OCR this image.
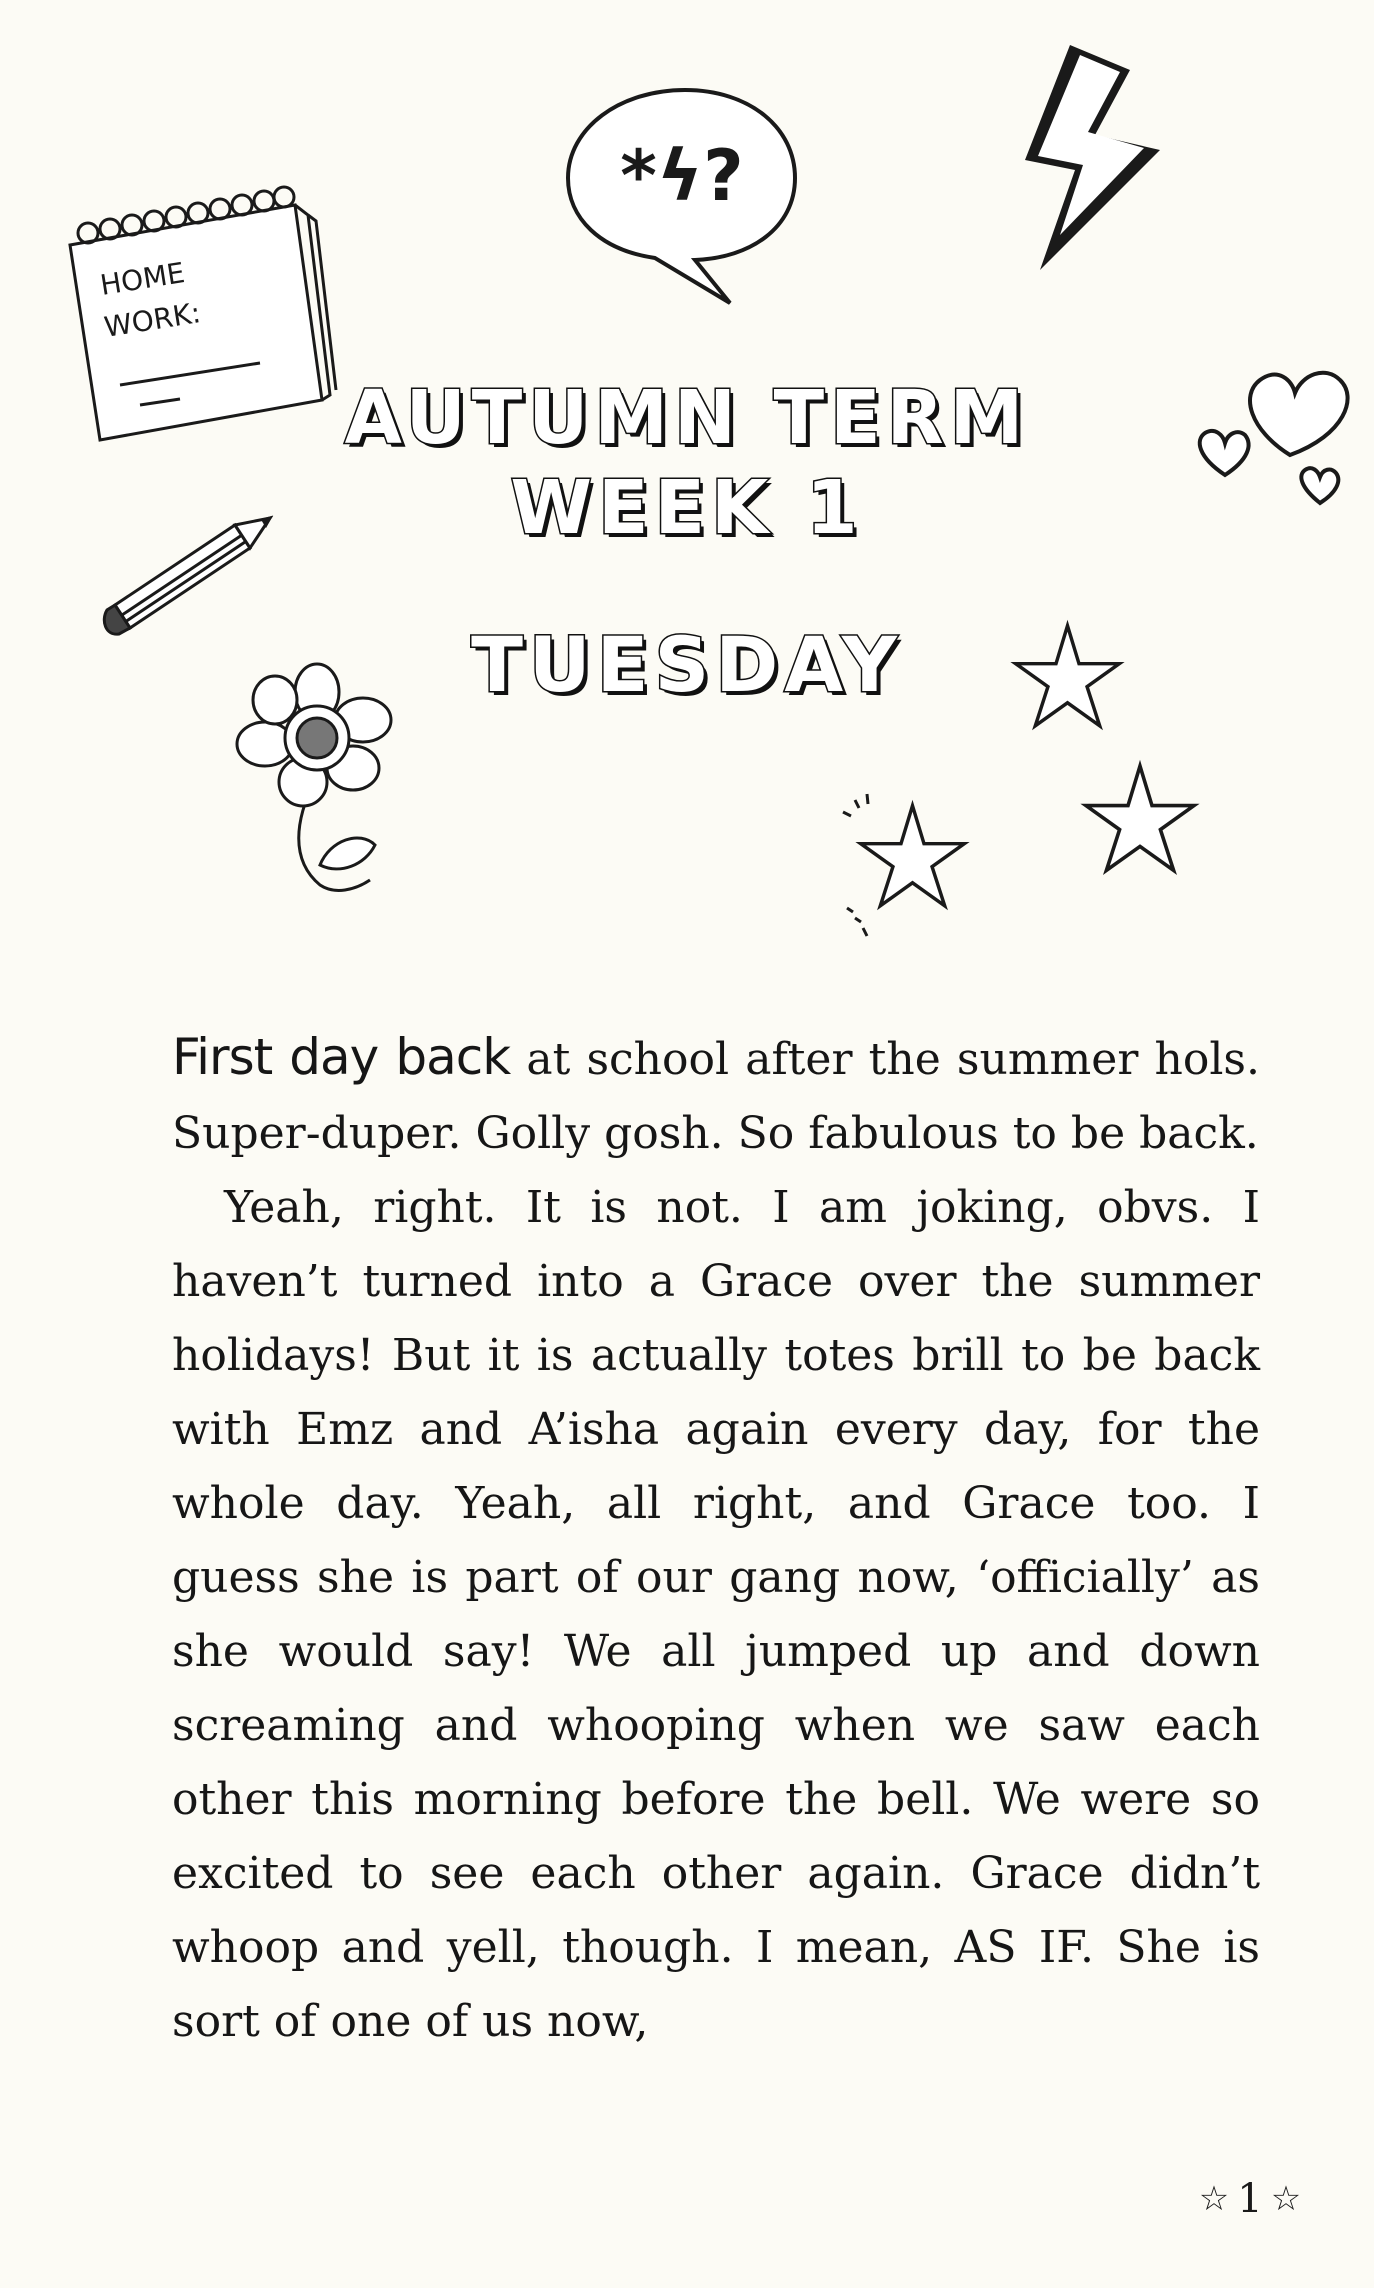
HOME
WORK:
*ϟ?
AUTUMN TERM
WEEK 1
TUESDAY

First day back at school after the summer hols. Super-duper. Golly gosh. So fabulous to be back.

Yeah, right. It is not. I am joking, obvs. I haven’t turned into a Grace over the summer holidays! But it is actually totes brill to be back with Emz and A’isha again every day, for the whole day. Yeah, all right, and Grace too. I guess she is part of our gang now, ‘officially’ as she would say! We all jumped up and down screaming and whooping when we saw each other this morning before the bell. We were so excited to see each other again. Grace didn’t whoop and yell, though. I mean, AS IF. She is sort of one of us now,

☆ 1 ☆
